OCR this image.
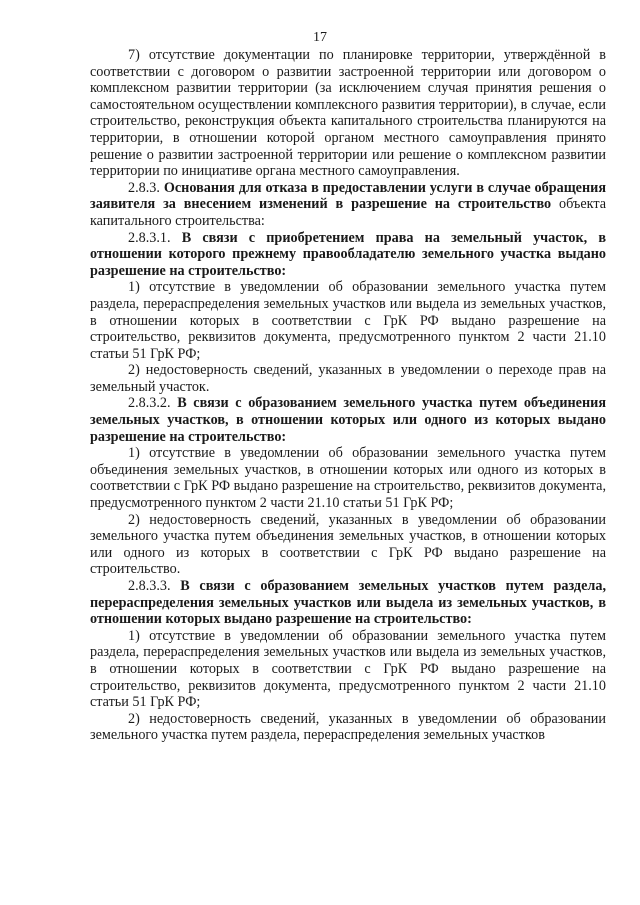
17

7) отсутствие документации по планировке территории, утверждённой в соответствии с договором о развитии застроенной территории или договором о комплексном развитии территории (за исключением случая принятия решения о самостоятельном осуществлении комплексного развития территории), в случае, если строительство, реконструкция объекта капитального строительства планируются на территории, в отношении которой органом местного самоуправления принято решение о развитии застроенной территории или решение о комплексном развитии территории по инициативе органа местного самоуправления.

2.8.3. Основания для отказа в предоставлении услуги в случае обращения заявителя за внесением изменений в разрешение на строительство объекта капитального строительства:

2.8.3.1. В связи с приобретением права на земельный участок, в отношении которого прежнему правообладателю земельного участка выдано разрешение на строительство:

1) отсутствие в уведомлении об образовании земельного участка путем раздела, перераспределения земельных участков или выдела из земельных участков, в отношении которых в соответствии с ГрК РФ выдано разрешение на строительство, реквизитов документа, предусмотренного пунктом 2 части 21.10 статьи 51 ГрК РФ;

2) недостоверность сведений, указанных в уведомлении о переходе прав на земельный участок.

2.8.3.2. В связи с образованием земельного участка путем объединения земельных участков, в отношении которых или одного из которых выдано разрешение на строительство:

1) отсутствие в уведомлении об образовании земельного участка путем объединения земельных участков, в отношении которых или одного из которых в соответствии с ГрК РФ выдано разрешение на строительство, реквизитов документа, предусмотренного пунктом 2 части 21.10 статьи 51 ГрК РФ;

2) недостоверность сведений, указанных в уведомлении об образовании земельного участка путем объединения земельных участков, в отношении которых или одного из которых в соответствии с ГрК РФ выдано разрешение на строительство.

2.8.3.3. В связи с образованием земельных участков путем раздела, перераспределения земельных участков или выдела из земельных участков, в отношении которых выдано разрешение на строительство:

1) отсутствие в уведомлении об образовании земельного участка путем раздела, перераспределения земельных участков или выдела из земельных участков, в отношении которых в соответствии с ГрК РФ выдано разрешение на строительство, реквизитов документа, предусмотренного пунктом 2 части 21.10 статьи 51 ГрК РФ;

2) недостоверность сведений, указанных в уведомлении об образовании земельного участка путем раздела, перераспределения земельных участков
